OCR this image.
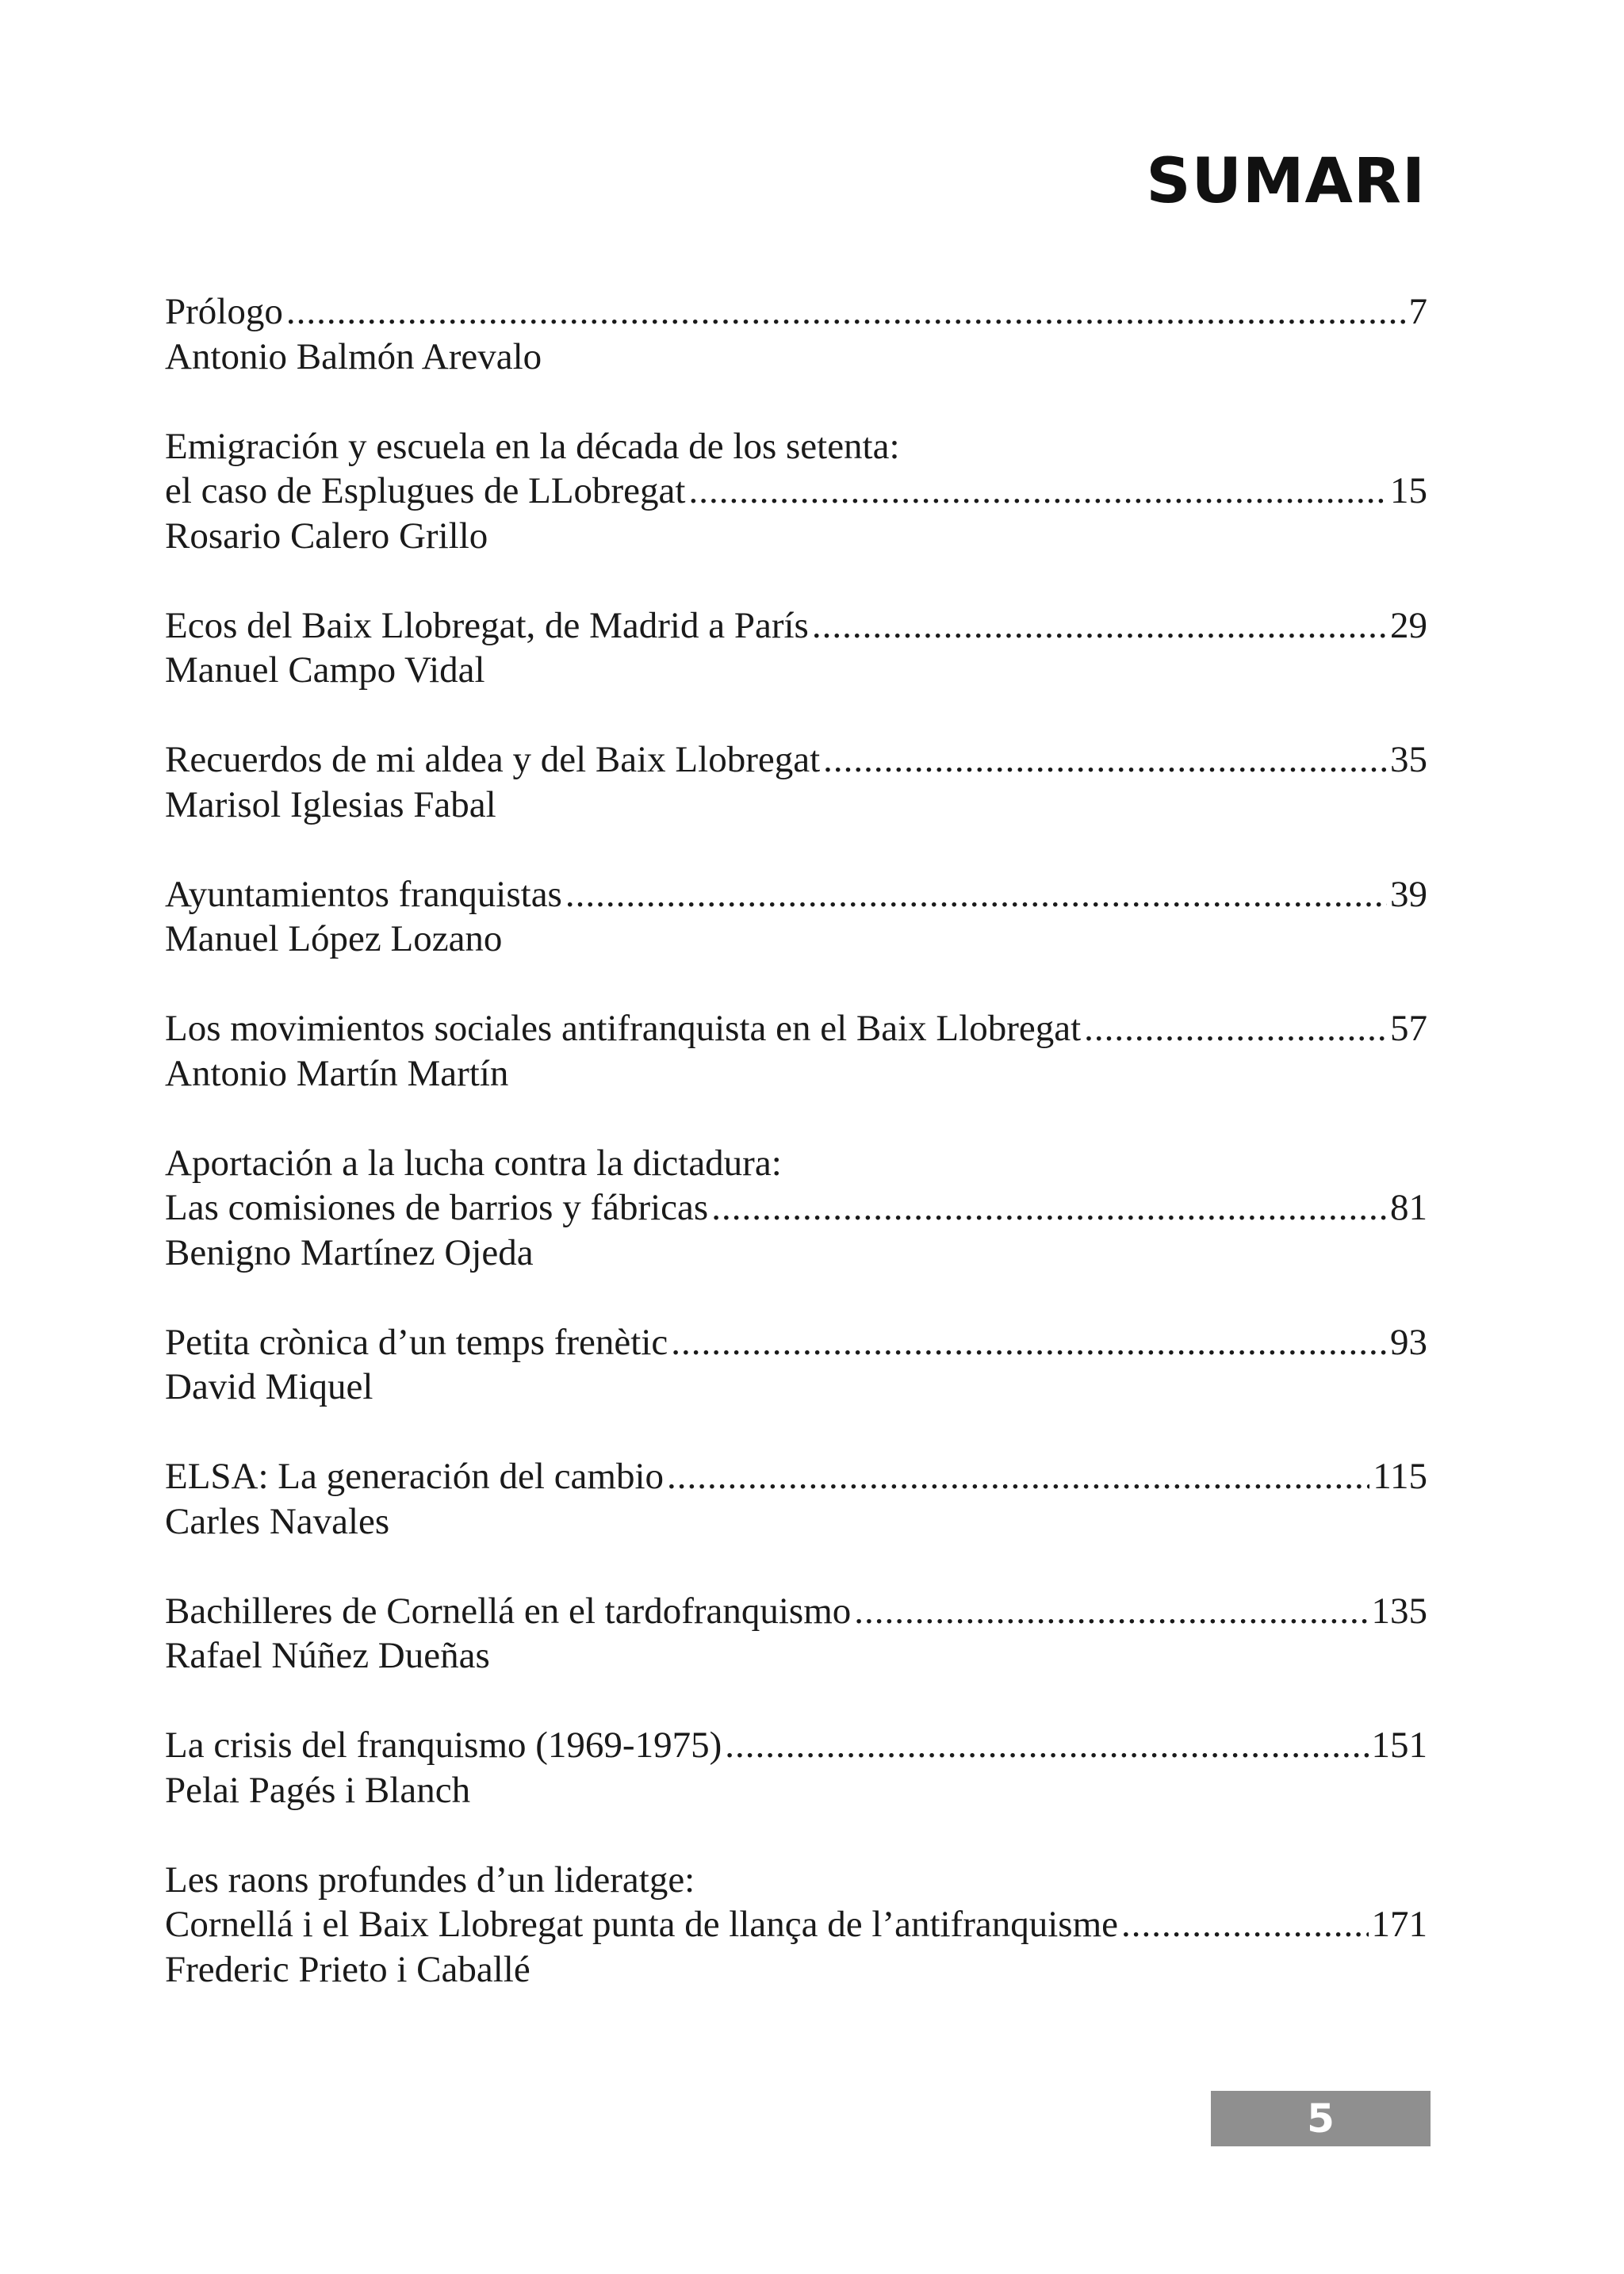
SUMARI
Prólogo .....	7
Antonio Balmón Arevalo
Emigración y escuela en la década de los setenta:
el caso de Esplugues de LLobregat .....	15
Rosario Calero Grillo
Ecos del Baix Llobregat, de Madrid a París .....	29
Manuel Campo Vidal
Recuerdos de mi aldea y del Baix Llobregat .....	35
Marisol Iglesias Fabal
Ayuntamientos franquistas .....	39
Manuel López Lozano
Los movimientos sociales antifranquista en el Baix Llobregat .....	57
Antonio Martín Martín
Aportación a la lucha contra la dictadura:
Las comisiones de barrios y fábricas .....	81
Benigno Martínez Ojeda
Petita crònica d’un temps frenètic .....	93
David Miquel
ELSA: La generación del cambio .....	115
Carles Navales
Bachilleres de Cornellá en el tardofranquismo .....	135
Rafael Núñez Dueñas
La crisis del franquismo (1969-1975) .....	151
Pelai Pagés i Blanch
Les raons profundes d’un lideratge:
Cornellá i el Baix Llobregat punta de llança de l’antifranquisme .....	171
Frederic Prieto i Caballé
5
